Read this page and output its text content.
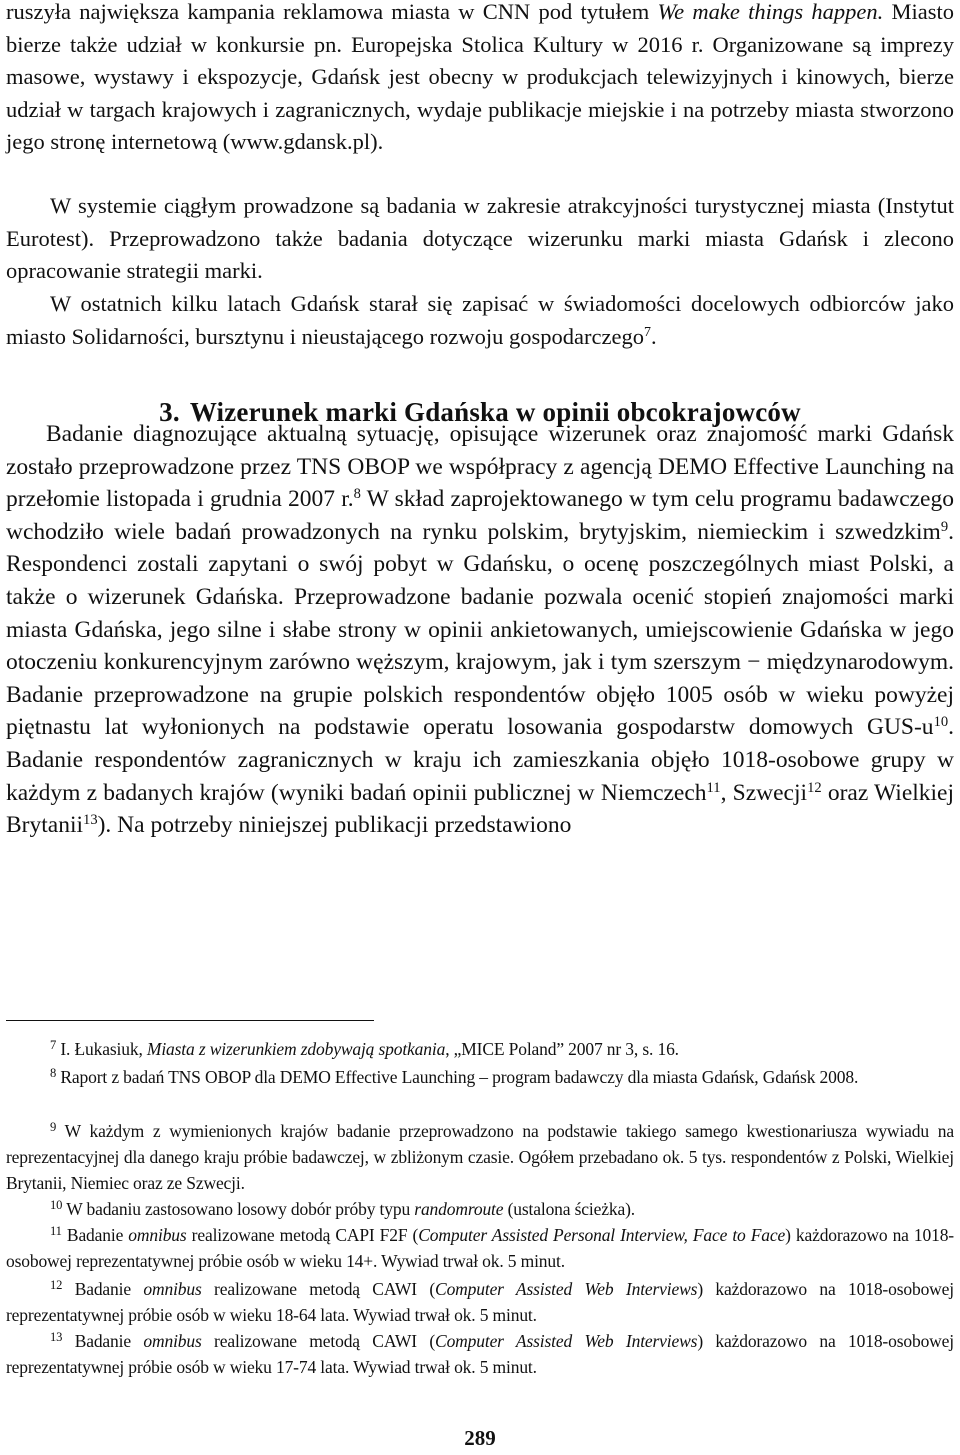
ruszyła największa kampania reklamowa miasta w CNN pod tytułem We make things happen. Miasto bierze także udział w konkursie pn. Europejska Stolica Kultury w 2016 r. Organizowane są imprezy masowe, wystawy i ekspozycje, Gdańsk jest obecny w produkcjach telewizyjnych i kinowych, bierze udział w targach krajowych i zagranicznych, wydaje publikacje miejskie i na potrzeby miasta stworzono jego stronę internetową (www.gdansk.pl).

W systemie ciągłym prowadzone są badania w zakresie atrakcyjności turystycznej miasta (Instytut Eurotest). Przeprowadzono także badania dotyczące wizerunku marki miasta Gdańsk i zlecono opracowanie strategii marki.

W ostatnich kilku latach Gdańsk starał się zapisać w świadomości docelowych odbiorców jako miasto Solidarności, bursztynu i nieustającego rozwoju gospodarczego$^7$.

3. Wizerunek marki Gdańska w opinii obcokrajowców

Badanie diagnozujące aktualną sytuację, opisujące wizerunek oraz znajomość marki Gdańsk zostało przeprowadzone przez TNS OBOP we współpracy z agencją DEMO Effective Launching na przełomie listopada i grudnia 2007 r.$^8$ W skład zaprojektowanego w tym celu programu badawczego wchodziło wiele badań prowadzonych na rynku polskim, brytyjskim, niemieckim i szwedzkim$^9$. Respondenci zostali zapytani o swój pobyt w Gdańsku, o ocenę poszczególnych miast Polski, a także o wizerunek Gdańska. Przeprowadzone badanie pozwala ocenić stopień znajomości marki miasta Gdańska, jego silne i słabe strony w opinii ankietowanych, umiejscowienie Gdańska w jego otoczeniu konkurencyjnym zarówno węższym, krajowym, jak i tym szerszym − międzynarodowym. Badanie przeprowadzone na grupie polskich respondentów objęło 1005 osób w wieku powyżej piętnastu lat wyłonionych na podstawie operatu losowania gospodarstw domowych GUS-$u^{10}$. Badanie respondentów zagranicznych w kraju ich zamieszkania objęło 1018-osobowe grupy w każdym z badanych krajów (wyniki badań opinii publicznej w Niemczech$^{11}$, Szwecji$^{12}$ oraz Wielkiej Brytanii$^{13}$). Na potrzeby niniejszej publikacji przedstawiono

$^7$ I. Łukasiuk, Miasta z wizerunkiem zdobywają spotkania, „MICE Poland” 2007 nr 3, s. 16.

$^8$ Raport z badań TNS OBOP dla DEMO Effective Launching – program badawczy dla miasta Gdańsk, Gdańsk 2008.

$^9$ W każdym z wymienionych krajów badanie przeprowadzono na podstawie takiego samego kwestionariusza wywiadu na reprezentacyjnej dla danego kraju próbie badawczej, w zbliżonym czasie. Ogółem przebadano ok. 5 tys. respondentów z Polski, Wielkiej Brytanii, Niemiec oraz ze Szwecji.

$^{10}$ W badaniu zastosowano losowy dobór próby typu randomroute (ustalona ścieżka).

$^{11}$ Badanie omnibus realizowane metodą CAPI F2F (Computer Assisted Personal Interview, Face to Face) każdorazowo na 1018-osobowej reprezentatywnej próbie osób w wieku 14+. Wywiad trwał ok. 5 minut.

$^{12}$ Badanie omnibus realizowane metodą CAWI (Computer Assisted Web Interviews) każdorazowo na 1018-osobowej reprezentatywnej próbie osób w wieku 18-64 lata. Wywiad trwał ok. 5 minut.

$^{13}$ Badanie omnibus realizowane metodą CAWI (Computer Assisted Web Interviews) każdorazowo na 1018-osobowej reprezentatywnej próbie osób w wieku 17-74 lata. Wywiad trwał ok. 5 minut.

289
